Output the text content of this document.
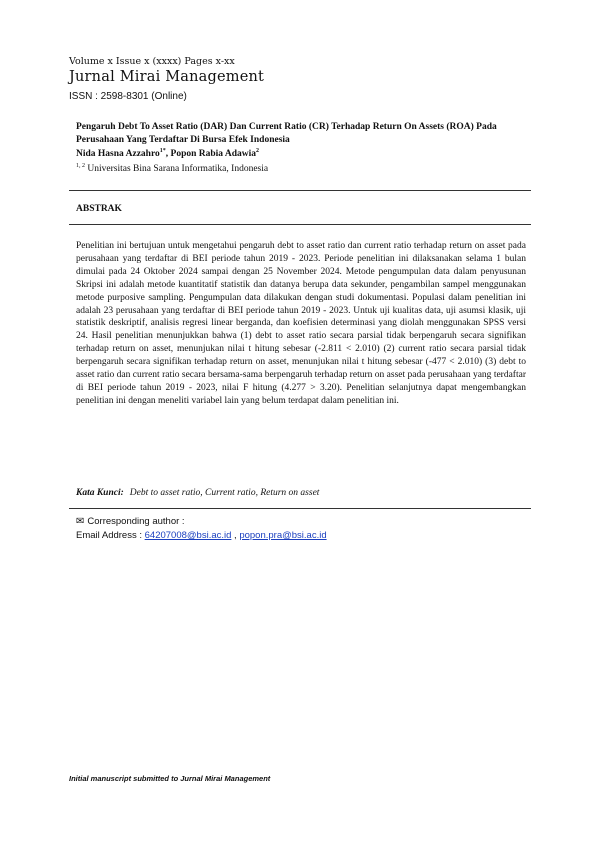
Volume x Issue x (xxxx) Pages x-xx
Jurnal Mirai Management
ISSN : 2598-8301 (Online)
Pengaruh Debt To Asset Ratio (DAR) Dan Current Ratio (CR) Terhadap Return On Assets (ROA) Pada Perusahaan Yang Terdaftar Di Bursa Efek Indonesia
Nida Hasna Azzahro$^{1*}$, Popon Rabia Adawia$^2$
$^{1, 2}$ Universitas Bina Sarana Informatika, Indonesia
ABSTRAK
Penelitian ini bertujuan untuk mengetahui pengaruh debt to asset ratio dan current ratio terhadap return on asset pada perusahaan yang terdaftar di BEI periode tahun 2019 - 2023. Periode penelitian ini dilaksanakan selama 1 bulan dimulai pada 24 Oktober 2024 sampai dengan 25 November 2024. Metode pengumpulan data dalam penyusunan Skripsi ini adalah metode kuantitatif statistik dan datanya berupa data sekunder, pengambilan sampel menggunakan metode purposive sampling. Pengumpulan data dilakukan dengan studi dokumentasi. Populasi dalam penelitian ini adalah 23 perusahaan yang terdaftar di BEI periode tahun 2019 - 2023. Untuk uji kualitas data, uji asumsi klasik, uji statistik deskriptif, analisis regresi linear berganda, dan koefisien determinasi yang diolah menggunakan SPSS versi 24. Hasil penelitian menunjukkan bahwa (1) debt to asset ratio secara parsial tidak berpengaruh secara signifikan terhadap return on asset, menunjukan nilai t hitung sebesar (-2.811 < 2.010) (2) current ratio secara parsial tidak berpengaruh secara signifikan terhadap return on asset, menunjukan nilai t hitung sebesar (-477 < 2.010) (3) debt to asset ratio dan current ratio secara bersama-sama berpengaruh terhadap return on asset pada perusahaan yang terdaftar di BEI periode tahun 2019 - 2023, nilai F hitung (4.277 > 3.20). Penelitian selanjutnya dapat mengembangkan penelitian ini dengan meneliti variabel lain yang belum terdapat dalam penelitian ini.
Kata Kunci: Debt to asset ratio, Current ratio, Return on asset
✉ Corresponding author :
Email Address : 64207008@bsi.ac.id , popon.pra@bsi.ac.id
Initial manuscript submitted to Jurnal Mirai Management
